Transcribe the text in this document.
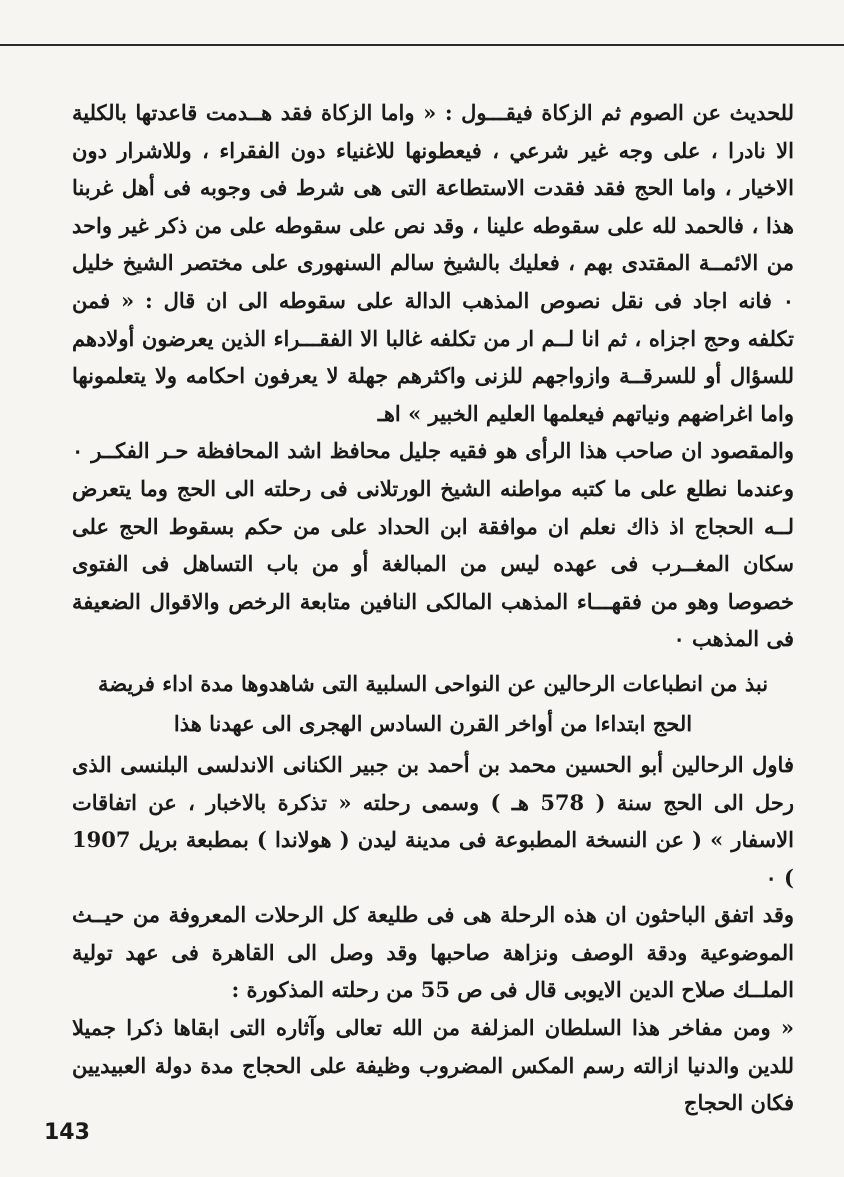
للحديث عن الصوم ثم الزكاة فيقـــول : « واما الزكاة فقد هــدمت قاعدتها بالكلية الا نادرا ، على وجه غير شرعي ، فيعطونها للاغنياء دون الفقراء ، وللاشرار دون الاخيار ، واما الحج فقد فقدت الاستطاعة التى هى شرط فى وجوبه فى أهل غربنا هذا ، فالحمد لله على سقوطه علينا ، وقد نص على سقوطه على من ذكر غير واحد من الائمــة المقتدى بهم ، فعليك بالشيخ سالم السنهورى على مختصر الشيخ خليل ٠ فانه اجاد فى نقل نصوص المذهب الدالة على سقوطه الى ان قال : « فمن تكلفه وحج اجزاه ، ثم انا لــم ار من تكلفه غالبا الا الفقـــراء الذين يعرضون أولادهم للسؤال أو للسرقــة وازواجهم للزنى واكثرهم جهلة لا يعرفون احكامه ولا يتعلمونها واما اغراضهم ونياتهم فيعلمها العليم الخبير » اهـ

والمقصود ان صاحب هذا الرأى هو فقيه جليل محافظ اشد المحافظة حـر الفكــر ٠ وعندما نطلع على ما كتبه مواطنه الشيخ الورتلانى فى رحلته الى الحج وما يتعرض لــه الحجاج اذ ذاك نعلم ان موافقة ابن الحداد على من حكم بسقوط الحج على سكان المغــرب فى عهده ليس من المبالغة أو من باب التساهل فى الفتوى خصوصا وهو من فقهـــاء المذهب المالكى النافين متابعة الرخص والاقوال الضعيفة فى المذهب ٠

نبذ من انطباعات الرحالين عن النواحى السلبية التى شاهدوها مدة اداء فريضة
الحج ابتداءا من أواخر القرن السادس الهجرى الى عهدنا هذا

فاول الرحالين أبو الحسين محمد بن أحمد بن جبير الكنانى الاندلسى البلنسى الذى رحل الى الحج سنة ( 578 هـ ) وسمى رحلته « تذكرة بالاخبار ، عن اتفاقات الاسفار » ( عن النسخة المطبوعة فى مدينة ليدن ( هولاندا ) بمطبعة بريل 1907 ) ٠

وقد اتفق الباحثون ان هذه الرحلة هى فى طليعة كل الرحلات المعروفة من حيــث الموضوعية ودقة الوصف ونزاهة صاحبها وقد وصل الى القاهرة فى عهد تولية الملــك صلاح الدين الايوبى قال فى ص 55 من رحلته المذكورة :

« ومن مفاخر هذا السلطان المزلفة من الله تعالى وآثاره التى ابقاها ذكرا جميلا للدين والدنيا ازالته رسم المكس المضروب وظيفة على الحجاج مدة دولة العبيديين فكان الحجاج

143
